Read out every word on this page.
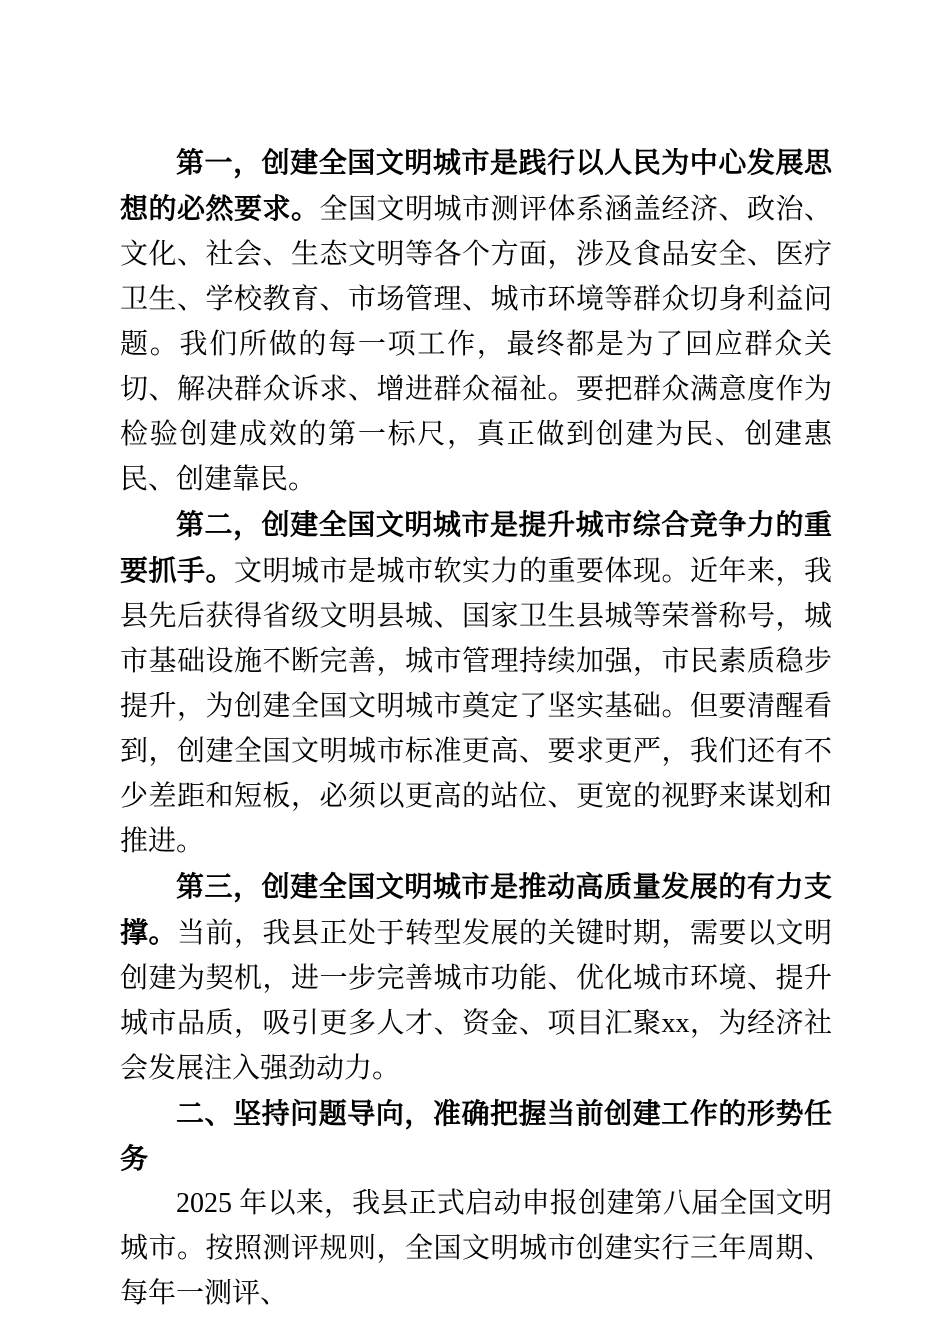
第一，创建全国文明城市是践行以人民为中心发展思想的必然要求。全国文明城市测评体系涵盖经济、政治、文化、社会、生态文明等各个方面，涉及食品安全、医疗卫生、学校教育、市场管理、城市环境等群众切身利益问题。我们所做的每一项工作，最终都是为了回应群众关切、解决群众诉求、增进群众福祉。要把群众满意度作为检验创建成效的第一标尺，真正做到创建为民、创建惠民、创建靠民。

第二，创建全国文明城市是提升城市综合竞争力的重要抓手。文明城市是城市软实力的重要体现。近年来，我县先后获得省级文明县城、国家卫生县城等荣誉称号，城市基础设施不断完善，城市管理持续加强，市民素质稳步提升，为创建全国文明城市奠定了坚实基础。但要清醒看到，创建全国文明城市标准更高、要求更严，我们还有不少差距和短板，必须以更高的站位、更宽的视野来谋划和推进。

第三，创建全国文明城市是推动高质量发展的有力支撑。当前，我县正处于转型发展的关键时期，需要以文明创建为契机，进一步完善城市功能、优化城市环境、提升城市品质，吸引更多人才、资金、项目汇聚xx，为经济社会发展注入强劲动力。

二、坚持问题导向，准确把握当前创建工作的形势任务

2025 年以来，我县正式启动申报创建第八届全国文明城市。按照测评规则，全国文明城市创建实行三年周期、每年一测评、
